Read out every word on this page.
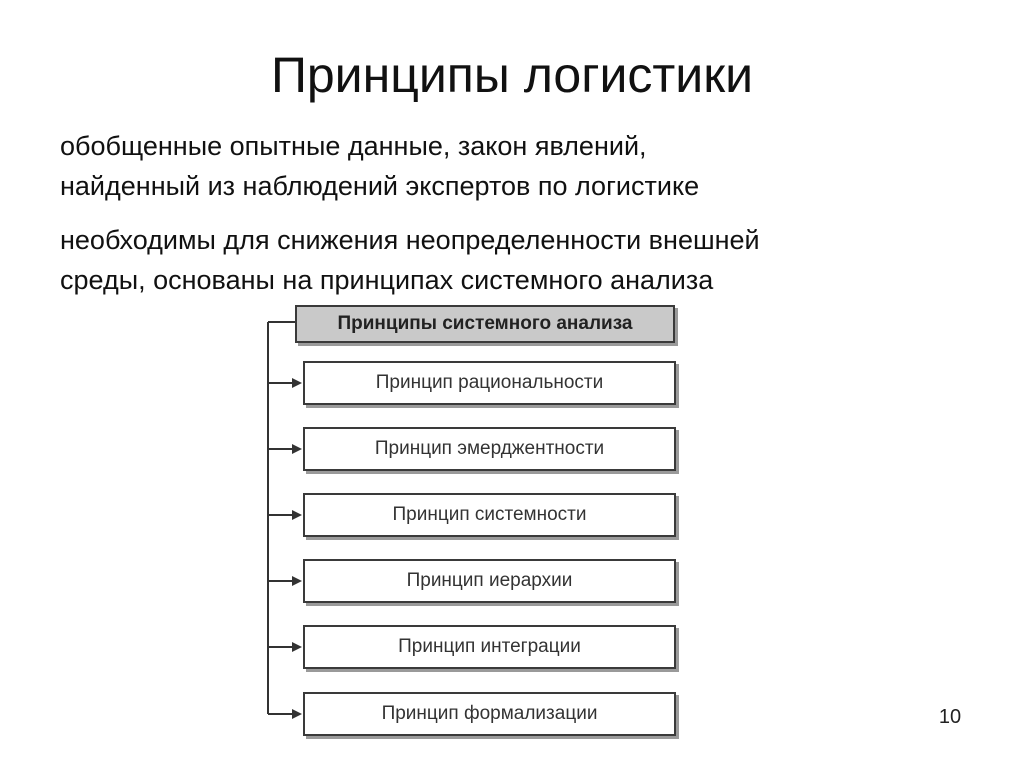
Принципы логистики

обобщенные опытные данные, закон явлений,
найденный из наблюдений экспертов по логистике

необходимы для снижения неопределенности внешней
среды, основаны на принципах системного анализа

Принципы системного анализа
Принцип рациональности
Принцип эмерджентности
Принцип системности
Принцип иерархии
Принцип интеграции
Принцип формализации	10
